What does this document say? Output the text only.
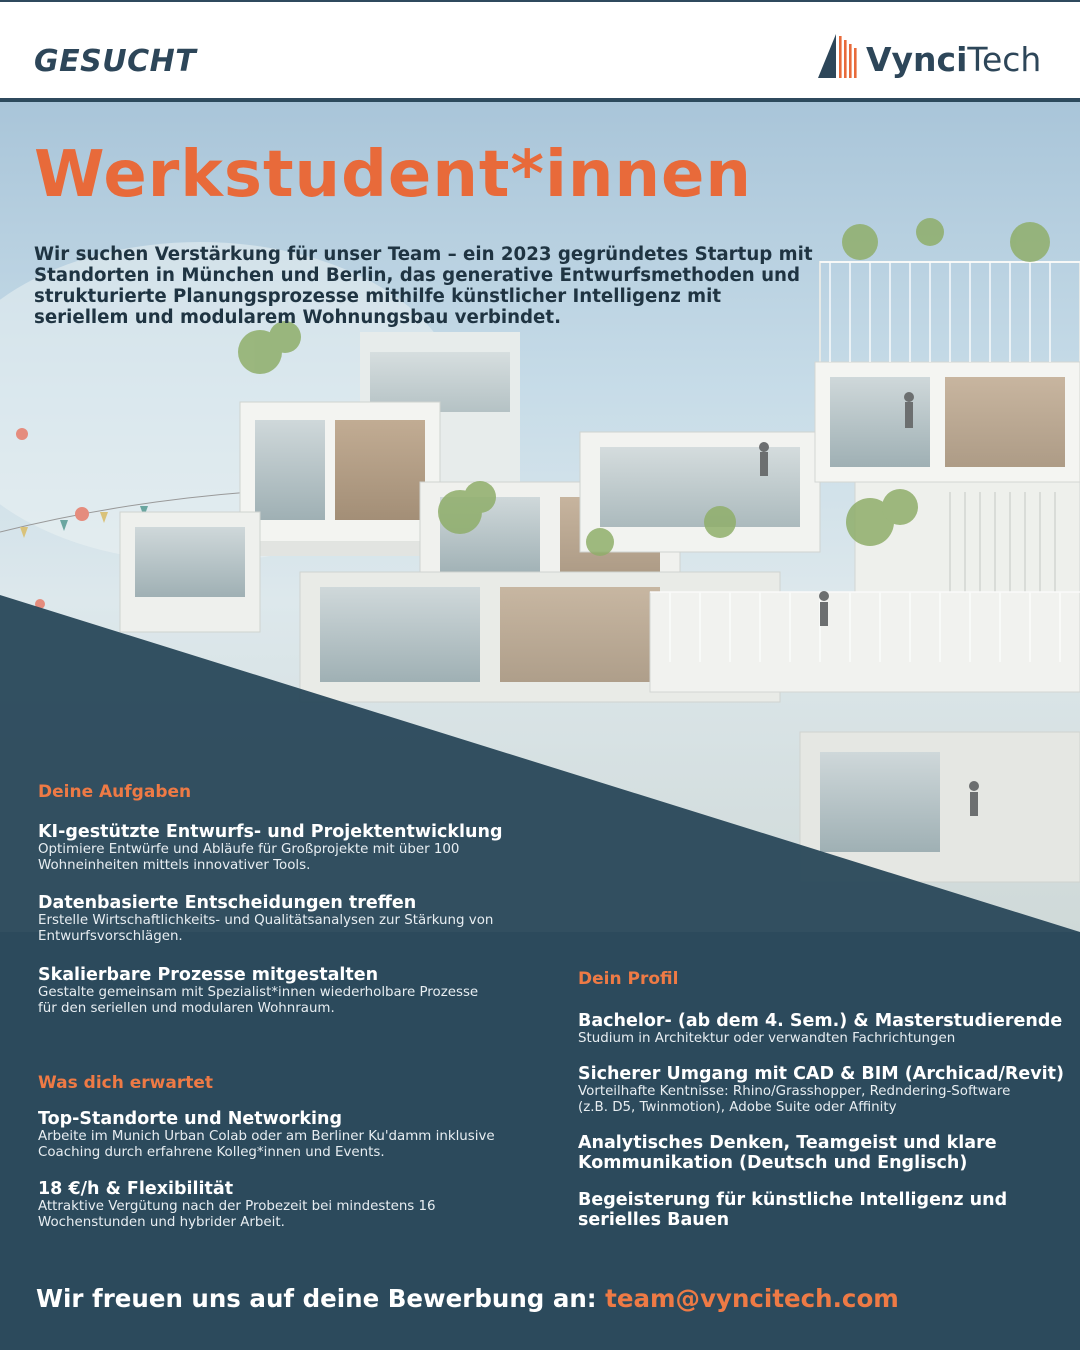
GESUCHT	VynciTech
Werkstudent*innen
Wir suchen Verstärkung für unser Team – ein 2023 gegründetes Startup mit Standorten in München und Berlin, das generative Entwurfsmethoden und strukturierte Planungsprozesse mithilfe künstlicher Intelligenz mit seriellem und modularem Wohnungsbau verbindet.
Deine Aufgaben
KI-gestützte Entwurfs- und Projektentwicklung
Optimiere Entwürfe und Abläufe für Großprojekte mit über 100 Wohneinheiten mittels innovativer Tools.
Datenbasierte Entscheidungen treffen
Erstelle Wirtschaftlichkeits- und Qualitätsanalysen zur Stärkung von Entwurfsvorschlägen.
Skalierbare Prozesse mitgestalten
Gestalte gemeinsam mit Spezialist*innen wiederholbare Prozesse für den seriellen und modularen Wohnraum.
Was dich erwartet
Top-Standorte und Networking
Arbeite im Munich Urban Colab oder am Berliner Ku'damm inklusive Coaching durch erfahrene Kolleg*innen und Events.
18 €/h & Flexibilität
Attraktive Vergütung nach der Probezeit bei mindestens 16 Wochenstunden und hybrider Arbeit.
Dein Profil
Bachelor- (ab dem 4. Sem.) & Masterstudierende
Studium in Architektur oder verwandten Fachrichtungen
Sicherer Umgang mit CAD & BIM (Archicad/Revit)
Vorteilhafte Kentnisse: Rhino/Grasshopper, Redndering-Software (z.B. D5, Twinmotion), Adobe Suite oder Affinity
Analytisches Denken, Teamgeist und klare Kommunikation (Deutsch und Englisch)
Begeisterung für künstliche Intelligenz und serielles Bauen
Wir freuen uns auf deine Bewerbung an: team@vyncitech.com
